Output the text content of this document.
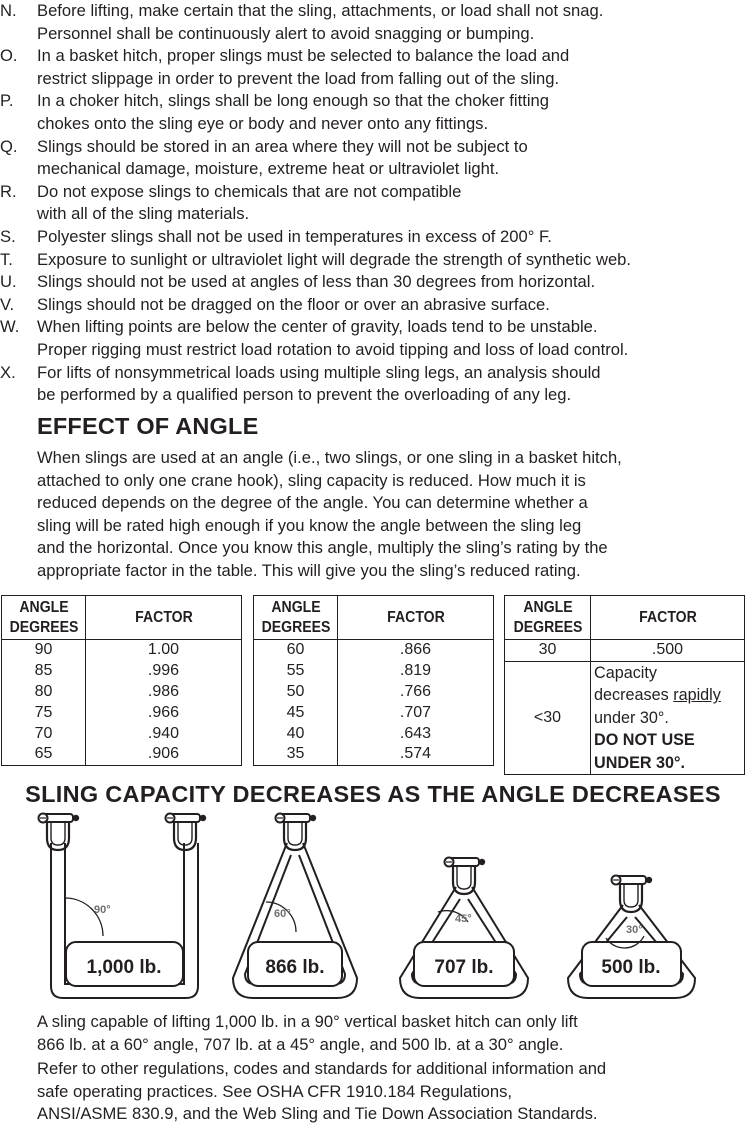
N. Before lifting, make certain that the sling, attachments, or load shall not snag.
Personnel shall be continuously alert to avoid snagging or bumping.
O. In a basket hitch, proper slings must be selected to balance the load and
restrict slippage in order to prevent the load from falling out of the sling.
P. In a choker hitch, slings shall be long enough so that the choker fitting
chokes onto the sling eye or body and never onto any fittings.
Q. Slings should be stored in an area where they will not be subject to
mechanical damage, moisture, extreme heat or ultraviolet light.
R. Do not expose slings to chemicals that are not compatible
with all of the sling materials.
S. Polyester slings shall not be used in temperatures in excess of 200° F.
T. Exposure to sunlight or ultraviolet light will degrade the strength of synthetic web.
U. Slings should not be used at angles of less than 30 degrees from horizontal.
V. Slings should not be dragged on the floor or over an abrasive surface.
W. When lifting points are below the center of gravity, loads tend to be unstable.
Proper rigging must restrict load rotation to avoid tipping and loss of load control.
X. For lifts of nonsymmetrical loads using multiple sling legs, an analysis should
be performed by a qualified person to prevent the overloading of any leg.
EFFECT OF ANGLE
When slings are used at an angle (i.e., two slings, or one sling in a basket hitch,
attached to only one crane hook), sling capacity is reduced. How much it is
reduced depends on the degree of the angle. You can determine whether a
sling will be rated high enough if you know the angle between the sling leg
and the horizontal. Once you know this angle, multiply the sling’s rating by the
appropriate factor in the table. This will give you the sling’s reduced rating.
ANGLE
DEGREES	FACTOR
90	1.00
85	.996
80	.986
75	.966
70	.940
65	.906
ANGLE
DEGREES	FACTOR
60	.866
55	.819
50	.766
45	.707
40	.643
35	.574
ANGLE
DEGREES	FACTOR
30	.500
<30	Capacity
decreases rapidly
under 30°.
DO NOT USE
UNDER 30°.
SLING CAPACITY DECREASES AS THE ANGLE DECREASES
90°
1,000 lb.
60°
866 lb.
45°
707 lb.
30°
500 lb.
A sling capable of lifting 1,000 lb. in a 90° vertical basket hitch can only lift
866 lb. at a 60° angle, 707 lb. at a 45° angle, and 500 lb. at a 30° angle.
Refer to other regulations, codes and standards for additional information and
safe operating practices. See OSHA CFR 1910.184 Regulations,
ANSI/ASME 830.9, and the Web Sling and Tie Down Association Standards.
